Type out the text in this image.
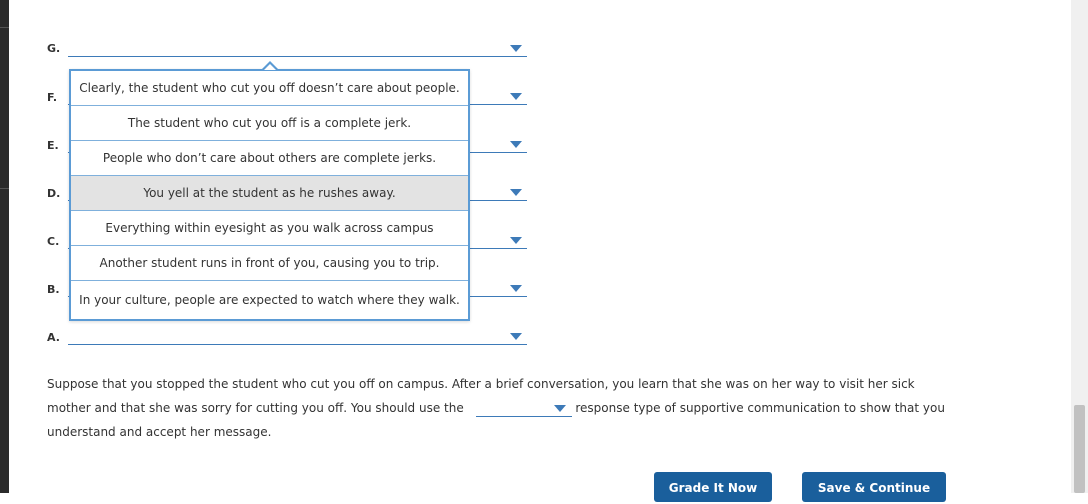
G.
F.
E.
D.
C.
B.
A.
Clearly, the student who cut you off doesn’t care about people.
The student who cut you off is a complete jerk.
People who don’t care about others are complete jerks.
You yell at the student as he rushes away.
Everything within eyesight as you walk across campus
Another student runs in front of you, causing you to trip.
In your culture, people are expected to watch where they walk.
Suppose that you stopped the student who cut you off on campus. After a brief conversation, you learn that she was on her way to visit her sick
mother and that she was sorry for cutting you off. You should use the	response type of supportive communication to show that you
understand and accept her message.
Grade It Now	Save & Continue
